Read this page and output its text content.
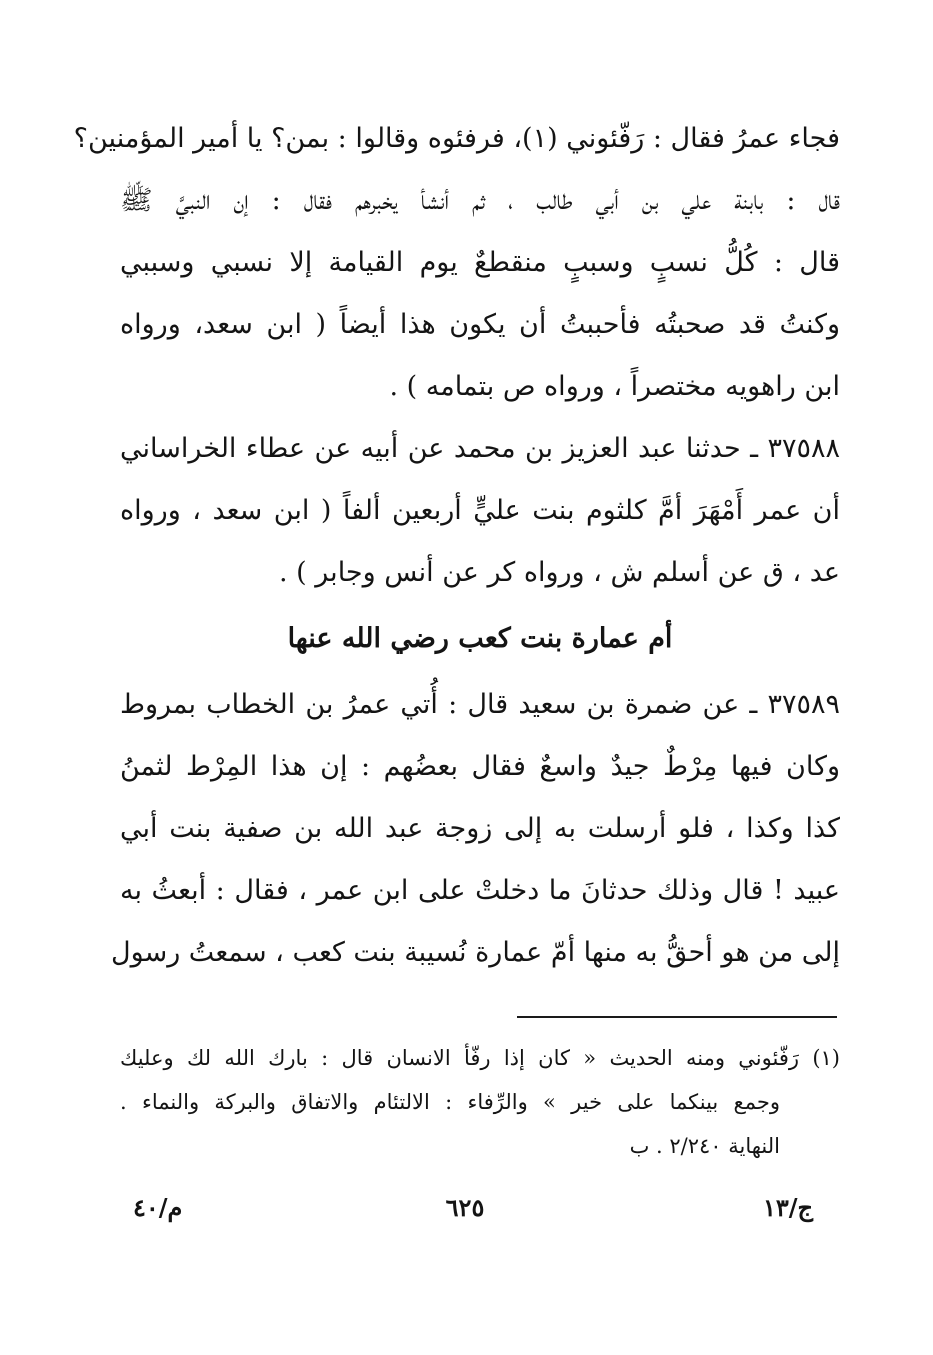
فجاء عمرُ فقال : رَفّئوني (١)، فرفئوه وقالوا : بمن؟ يا أمير المؤمنين؟
قال : بابنة علي بن أبي طالب ، ثم أنشأ يخبرهم فقال : إن النبيَّ ﷺ
قال : كُلُّ نسبٍ وسببٍ منقطعٌ يوم القيامة إلا نسبي وسببي
وكنتُ قد صحبتُه فأحببتُ أن يكون هذا أيضاً ( ابن سعد، ورواه
ابن راهويه مختصراً ، ورواه ص بتمامه ) .
٣٧٥٨٨ ـ حدثنا عبد العزيز بن محمد عن أبيه عن عطاء الخراساني
أن عمر أَمْهَرَ أمَّ كلثوم بنت عليٍّ أربعين ألفاً ( ابن سعد ، ورواه
عد ، ق عن أسلم ش ، ورواه كر عن أنس وجابر ) .
أم عمارة بنت كعب رضي الله عنها
٣٧٥٨٩ ـ عن ضمرة بن سعيد قال : أُتي عمرُ بن الخطاب بمروط
وكان فيها مِرْطٌ جيدٌ واسعٌ فقال بعضُهم : إن هذا المِرْط لثمنُ
كذا وكذا ، فلو أرسلت به إلى زوجة عبد الله بن صفية بنت أبي
عبيد ! قال وذلك حدثانَ ما دخلتْ على ابن عمر ، فقال : أبعثُ به
إلى من هو أحقُّ به منها أمّ عمارة نُسيبة بنت كعب ، سمعتُ رسول
(١) رَفّئوني ومنه الحديث « كان إذا رفّأ الانسان قال : بارك الله لك وعليك
وجمع بينكما على خير » والرِّفاء : الالتئام والاتفاق والبركة والنماء .
النهاية ٢/٢٤٠ . ب
م/٤٠	٦٢٥	ج/١٣
